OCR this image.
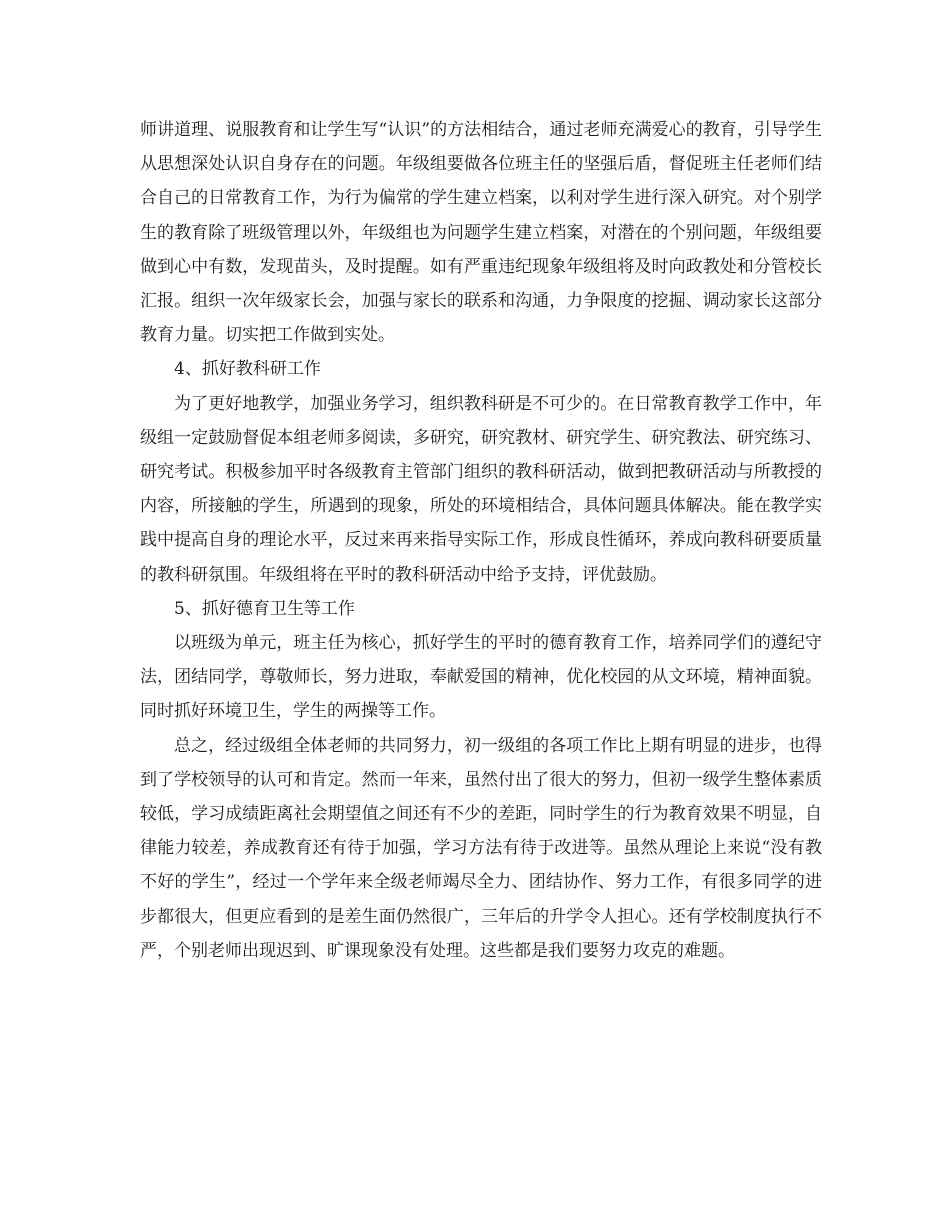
师讲道理、说服教育和让学生写“认识”的方法相结合，通过老师充满爱心的教育，引导学生从思想深处认识自身存在的问题。年级组要做各位班主任的坚强后盾，督促班主任老师们结合自己的日常教育工作，为行为偏常的学生建立档案，以利对学生进行深入研究。对个别学生的教育除了班级管理以外，年级组也为问题学生建立档案，对潜在的个别问题，年级组要做到心中有数，发现苗头，及时提醒。如有严重违纪现象年级组将及时向政教处和分管校长汇报。组织一次年级家长会，加强与家长的联系和沟通，力争限度的挖掘、调动家长这部分教育力量。切实把工作做到实处。

4、抓好教科研工作

为了更好地教学，加强业务学习，组织教科研是不可少的。在日常教育教学工作中，年级组一定鼓励督促本组老师多阅读，多研究，研究教材、研究学生、研究教法、研究练习、研究考试。积极参加平时各级教育主管部门组织的教科研活动，做到把教研活动与所教授的内容，所接触的学生，所遇到的现象，所处的环境相结合，具体问题具体解决。能在教学实践中提高自身的理论水平，反过来再来指导实际工作，形成良性循环，养成向教科研要质量的教科研氛围。年级组将在平时的教科研活动中给予支持，评优鼓励。

5、抓好德育卫生等工作

以班级为单元，班主任为核心，抓好学生的平时的德育教育工作，培养同学们的遵纪守法，团结同学，尊敬师长，努力进取，奉献爱国的精神，优化校园的从文环境，精神面貌。同时抓好环境卫生，学生的两操等工作。

总之，经过级组全体老师的共同努力，初一级组的各项工作比上期有明显的进步，也得到了学校领导的认可和肯定。然而一年来，虽然付出了很大的努力，但初一级学生整体素质较低，学习成绩距离社会期望值之间还有不少的差距，同时学生的行为教育效果不明显，自律能力较差，养成教育还有待于加强，学习方法有待于改进等。虽然从理论上来说“没有教不好的学生”，经过一个学年来全级老师竭尽全力、团结协作、努力工作，有很多同学的进步都很大，但更应看到的是差生面仍然很广，三年后的升学令人担心。还有学校制度执行不严，个别老师出现迟到、旷课现象没有处理。这些都是我们要努力攻克的难题。
